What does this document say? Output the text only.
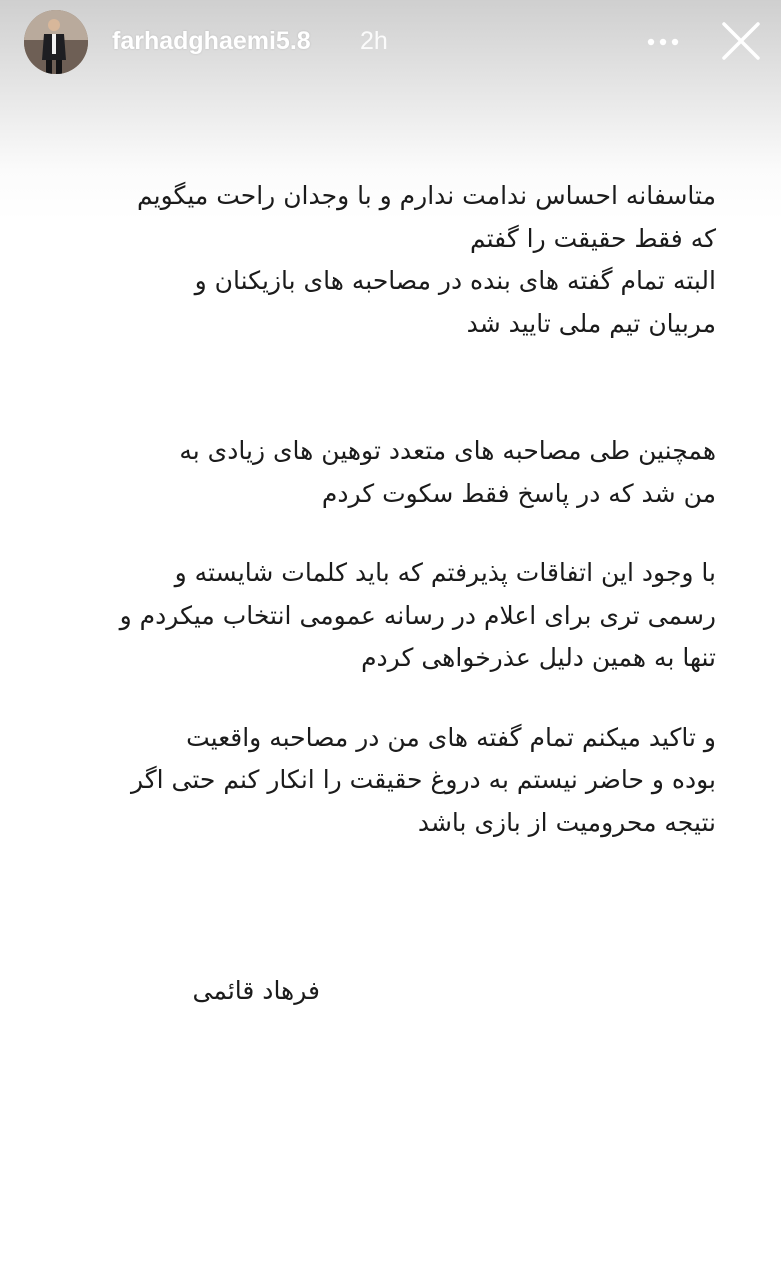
farhadghaemi5.8 2h
متاسفانه احساس ندامت ندارم و با وجدان راحت میگویم
که فقط حقیقت را گفتم
البته تمام گفته های بنده در مصاحبه های بازیکنان و
مربیان تیم ملی تایید شد
همچنین طی مصاحبه های متعدد توهین های زیادی به
من شد که در پاسخ فقط سکوت کردم
با وجود این اتفاقات پذیرفتم که باید کلمات شایسته و
رسمی تری برای اعلام در رسانه عمومی انتخاب میکردم و
تنها به همین دلیل عذرخواهی کردم
و تاکید میکنم تمام گفته های من در مصاحبه واقعیت
بوده و حاضر نیستم به دروغ حقیقت را انکار کنم حتی اگر
نتیجه محرومیت از بازی باشد
فرهاد قائمی
